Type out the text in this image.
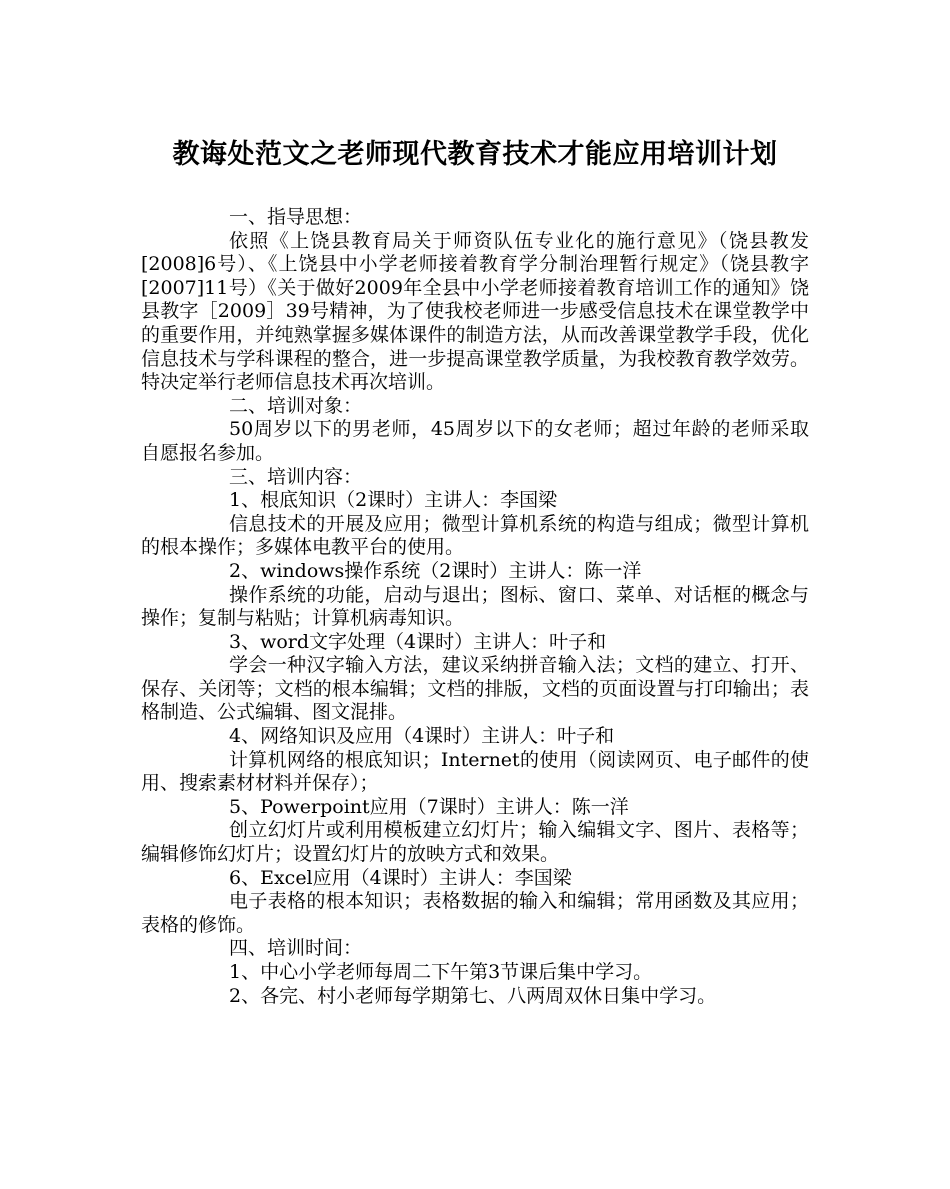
教诲处范文之老师现代教育技术才能应用培训计划

一、指导思想：

依照《上饶县教育局关于师资队伍专业化的施行意见》（饶县教发[2008]6号）、《上饶县中小学老师接着教育学分制治理暂行规定》（饶县教字[2007]11号）《关于做好2009年全县中小学老师接着教育培训工作的通知》饶县教字［2009］39号精神，为了使我校老师进一步感受信息技术在课堂教学中的重要作用，并纯熟掌握多媒体课件的制造方法，从而改善课堂教学手段，优化信息技术与学科课程的整合，进一步提高课堂教学质量，为我校教育教学效劳。特决定举行老师信息技术再次培训。

二、培训对象：

50周岁以下的男老师，45周岁以下的女老师；超过年龄的老师采取自愿报名参加。

三、培训内容：

1、根底知识（2课时）主讲人：李国梁

信息技术的开展及应用；微型计算机系统的构造与组成；微型计算机的根本操作；多媒体电教平台的使用。

2、windows操作系统（2课时）主讲人：陈一洋

操作系统的功能，启动与退出；图标、窗口、菜单、对话框的概念与操作；复制与粘贴；计算机病毒知识。

3、word文字处理（4课时）主讲人：叶子和

学会一种汉字输入方法，建议采纳拼音输入法；文档的建立、打开、保存、关闭等；文档的根本编辑；文档的排版，文档的页面设置与打印输出；表格制造、公式编辑、图文混排。

4、网络知识及应用（4课时）主讲人：叶子和

计算机网络的根底知识；Internet的使用（阅读网页、电子邮件的使用、搜索素材材料并保存）；

5、Powerpoint应用（7课时）主讲人：陈一洋

创立幻灯片或利用模板建立幻灯片；输入编辑文字、图片、表格等；编辑修饰幻灯片；设置幻灯片的放映方式和效果。

6、Excel应用（4课时）主讲人：李国梁

电子表格的根本知识；表格数据的输入和编辑；常用函数及其应用；表格的修饰。

四、培训时间：

1、中心小学老师每周二下午第3节课后集中学习。

2、各完、村小老师每学期第七、八两周双休日集中学习。
